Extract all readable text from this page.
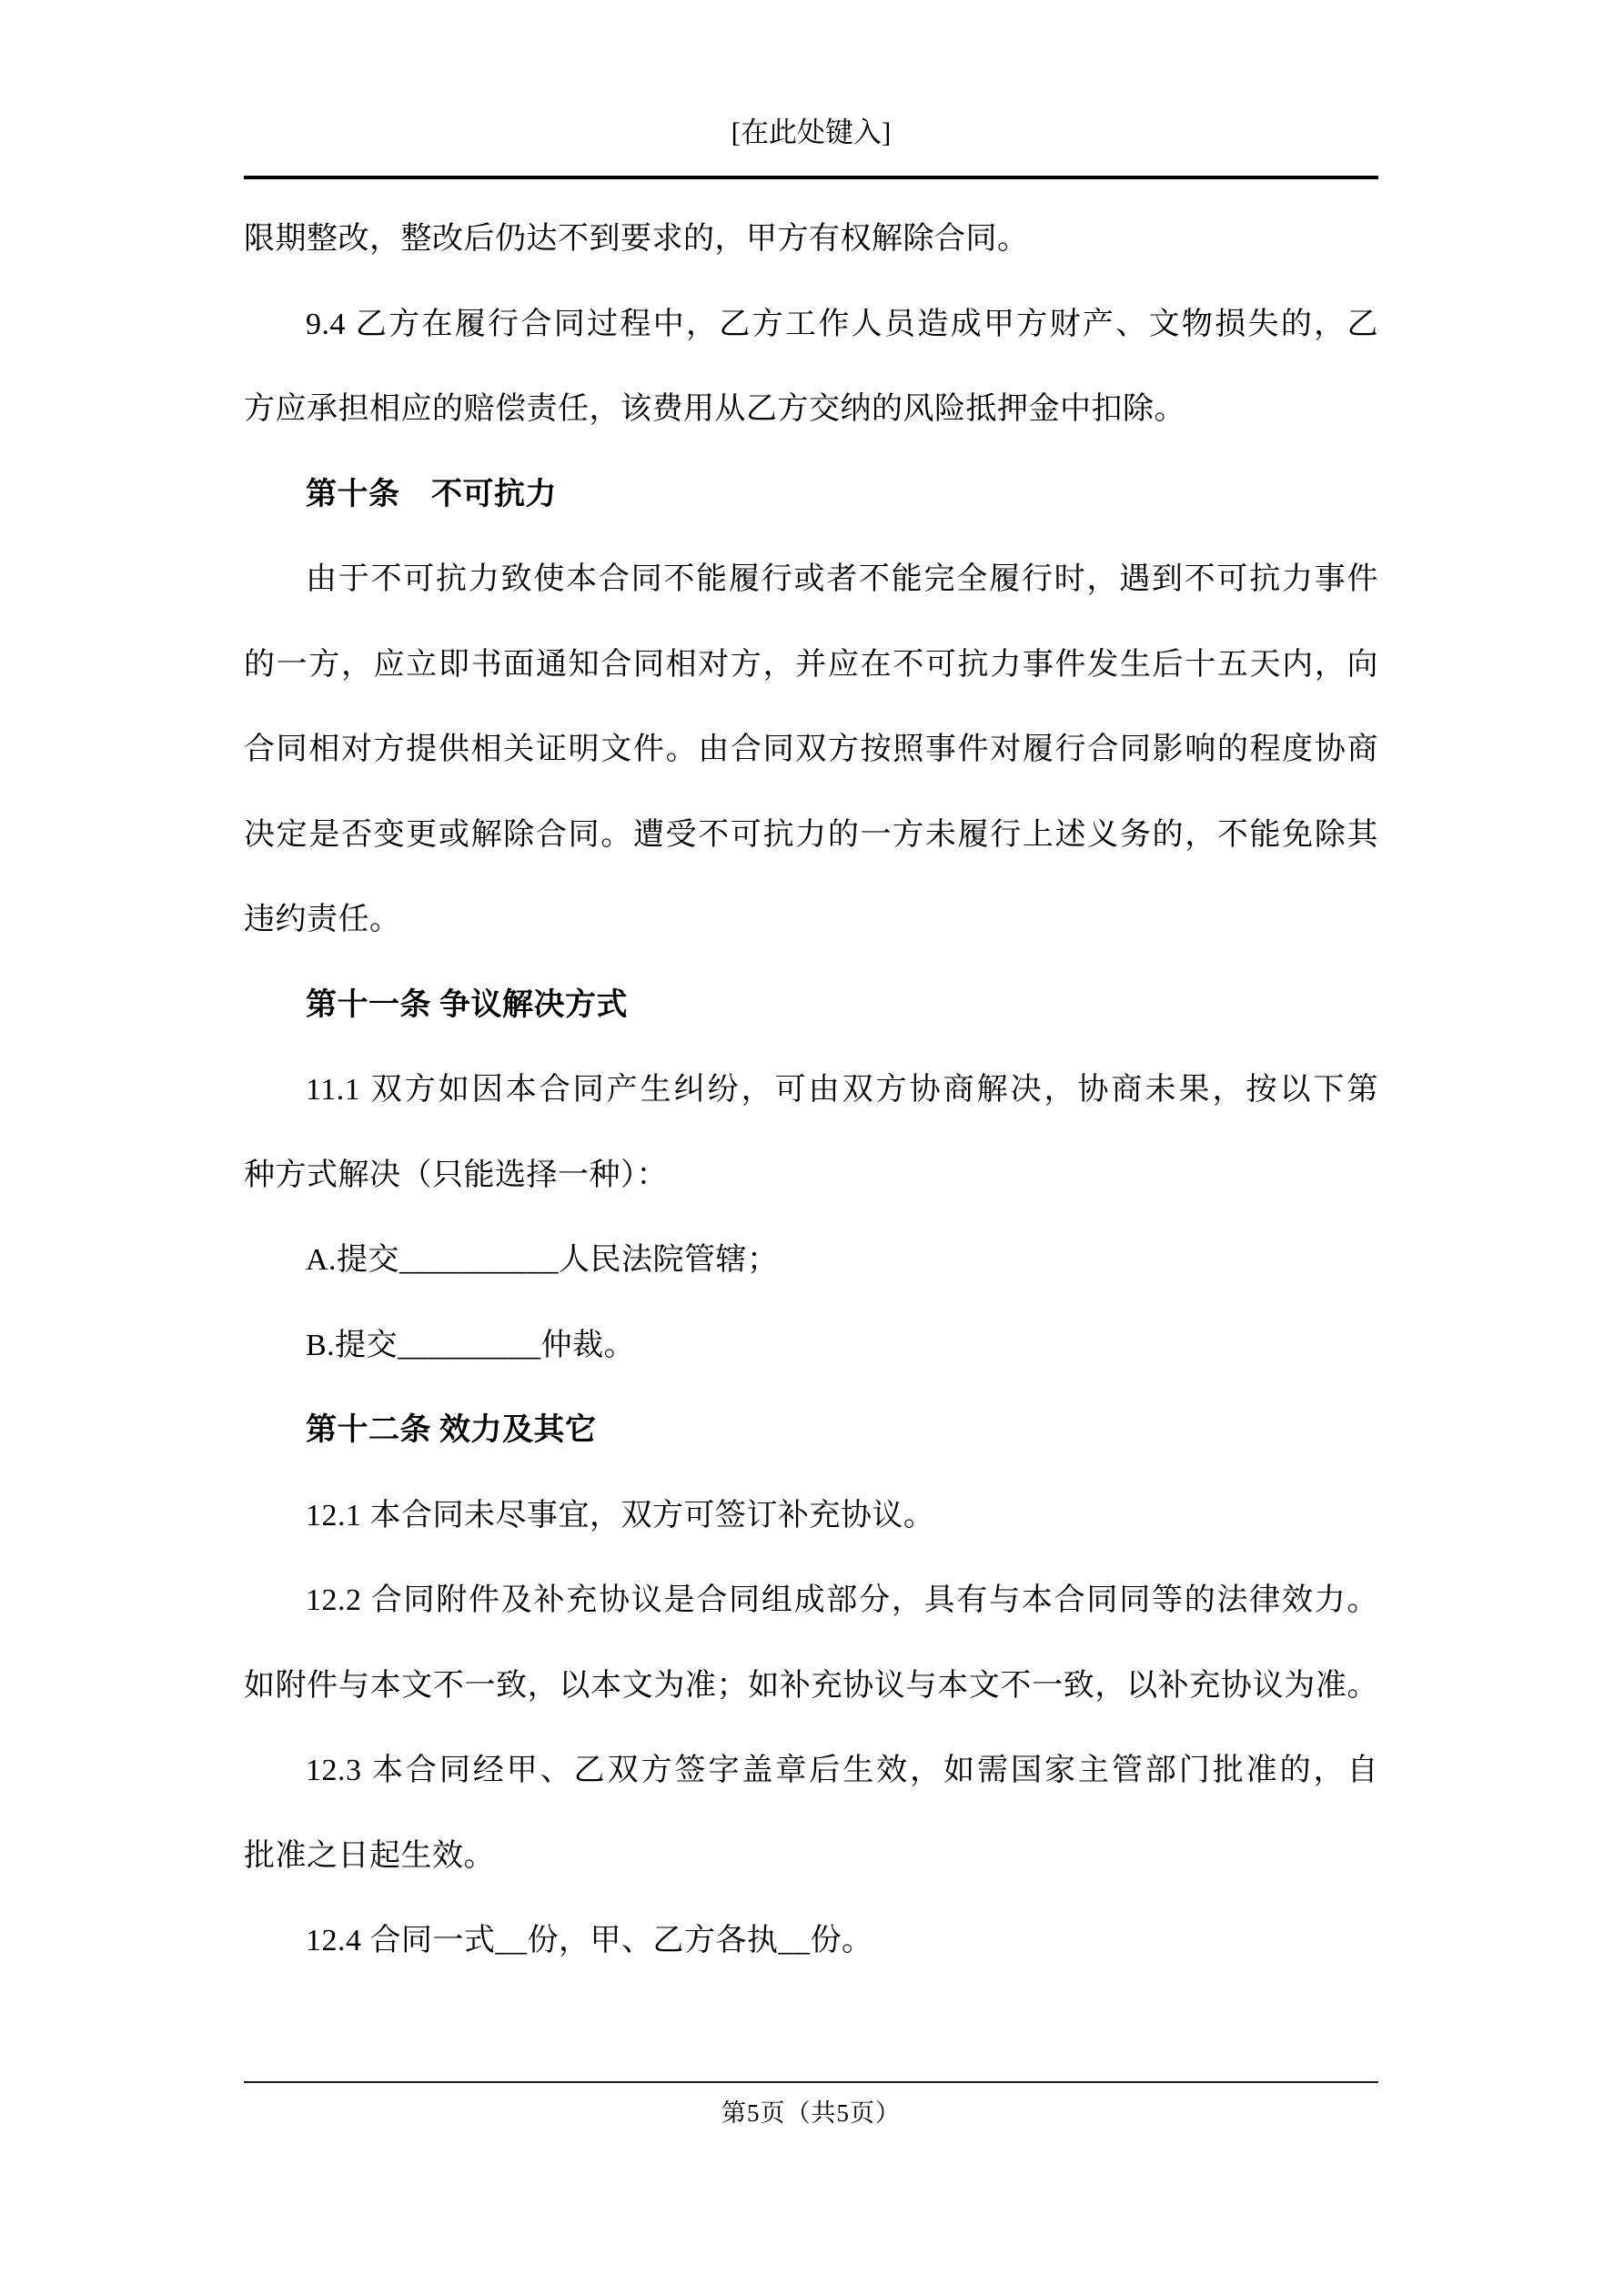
[在此处键入]
限期整改，整改后仍达不到要求的，甲方有权解除合同。
9.4 乙方在履行合同过程中，乙方工作人员造成甲方财产、文物损失的，乙
方应承担相应的赔偿责任，该费用从乙方交纳的风险抵押金中扣除。
第十条　不可抗力
由于不可抗力致使本合同不能履行或者不能完全履行时，遇到不可抗力事件
的一方，应立即书面通知合同相对方，并应在不可抗力事件发生后十五天内，向
合同相对方提供相关证明文件。由合同双方按照事件对履行合同影响的程度协商
决定是否变更或解除合同。遭受不可抗力的一方未履行上述义务的，不能免除其
违约责任。
第十一条 争议解决方式
11.1 双方如因本合同产生纠纷，可由双方协商解决，协商未果，按以下第
种方式解决（只能选择一种）：
A.提交__________人民法院管辖；
B.提交_________仲裁。
第十二条 效力及其它
12.1 本合同未尽事宜，双方可签订补充协议。
12.2 合同附件及补充协议是合同组成部分，具有与本合同同等的法律效力。
如附件与本文不一致，以本文为准；如补充协议与本文不一致，以补充协议为准。
12.3 本合同经甲、乙双方签字盖章后生效，如需国家主管部门批准的，自
批准之日起生效。
12.4 合同一式__份，甲、乙方各执__份。
第5页（共5页）
